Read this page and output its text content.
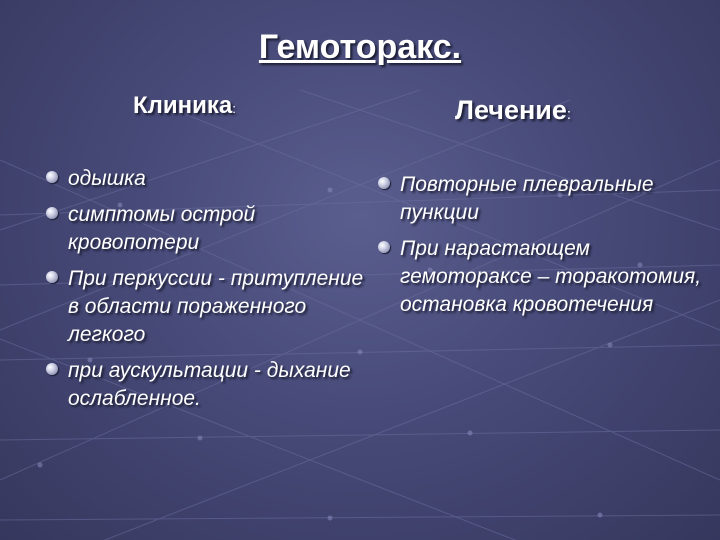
Гемоторакс.
Клиника:	Лечение:
одышка
симптомы острой кровопотери
При перкуссии - притупление в области пораженного легкого
при аускультации - дыхание ослабленное.
Повторные плевральные пункции
При нарастающем гемотораксе – торакотомия, остановка кровотечения
